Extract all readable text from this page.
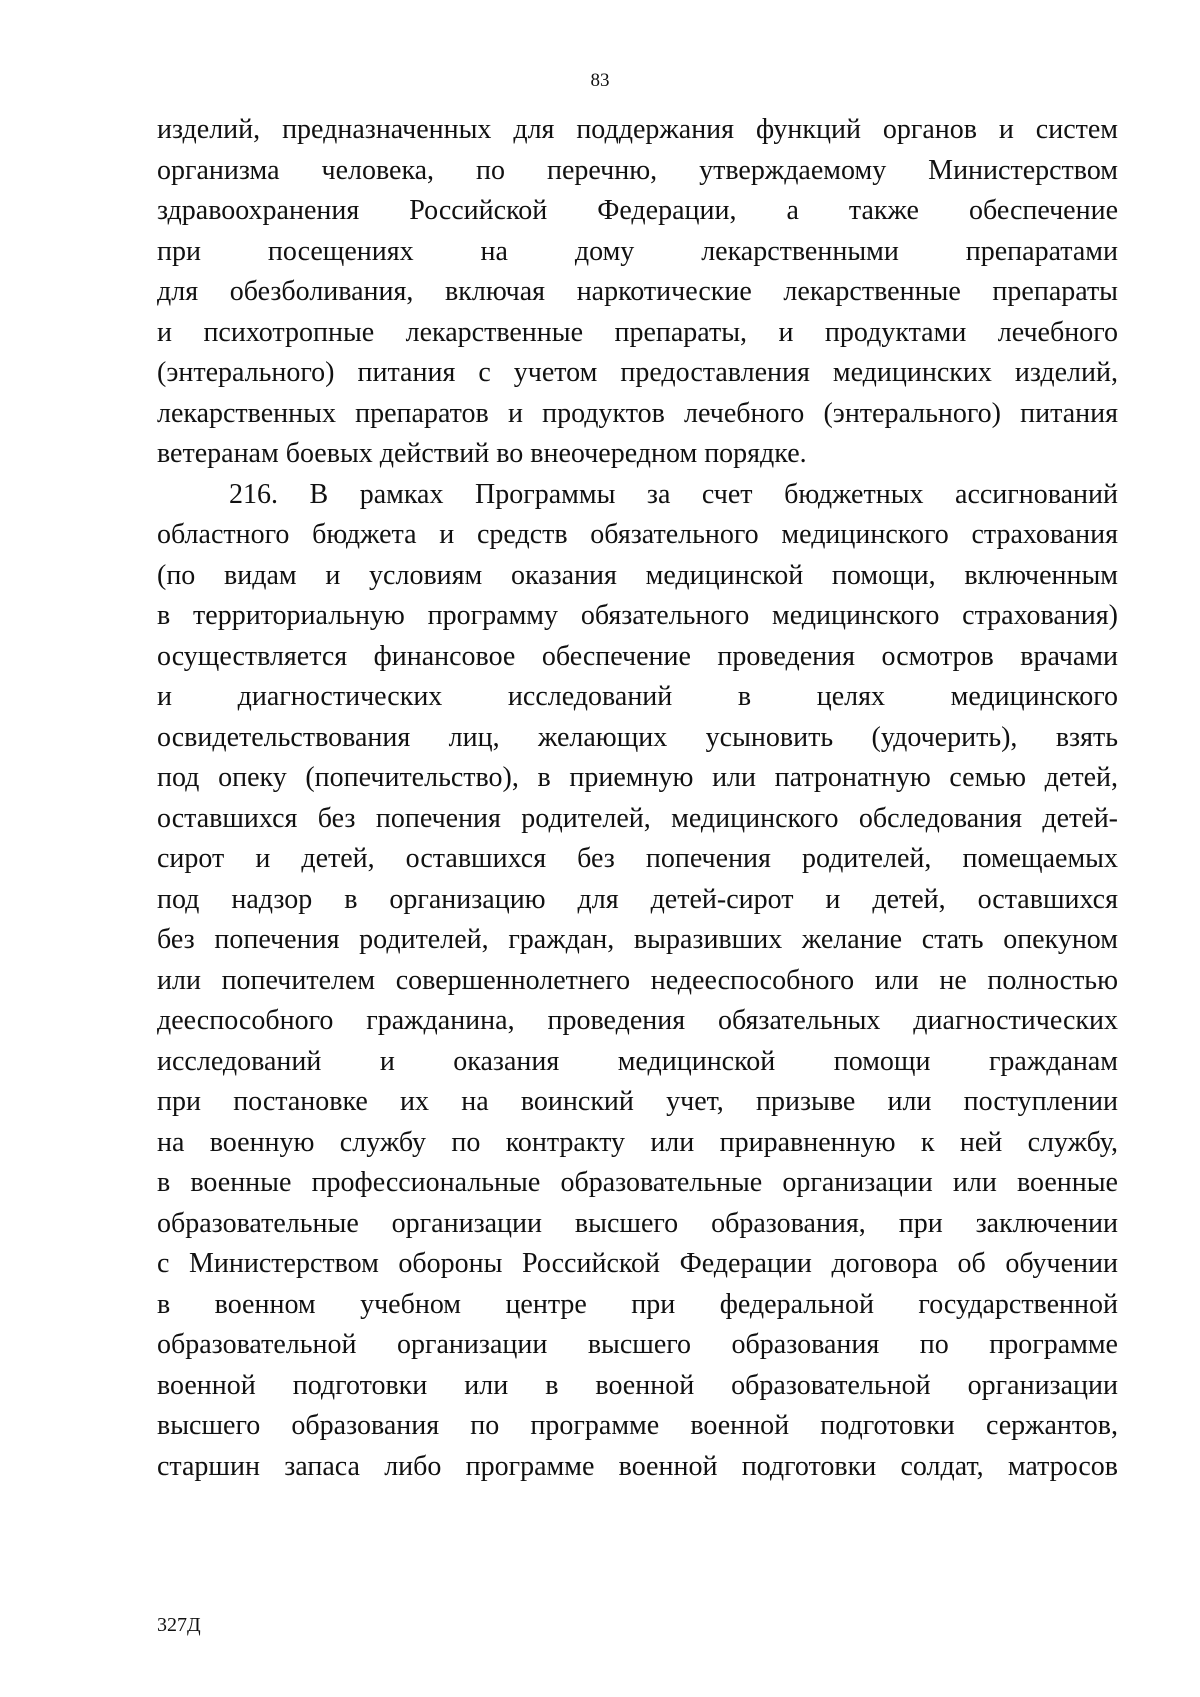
83
изделий, предназначенных для поддержания функций органов и систем
организма человека, по перечню, утверждаемому Министерством
здравоохранения Российской Федерации, а также обеспечение
при посещениях на дому лекарственными препаратами
для обезболивания, включая наркотические лекарственные препараты
и психотропные лекарственные препараты, и продуктами лечебного
(энтерального) питания с учетом предоставления медицинских изделий,
лекарственных препаратов и продуктов лечебного (энтерального) питания
ветеранам боевых действий во внеочередном порядке.
216. В рамках Программы за счет бюджетных ассигнований
областного бюджета и средств обязательного медицинского страхования
(по видам и условиям оказания медицинской помощи, включенным
в территориальную программу обязательного медицинского страхования)
осуществляется финансовое обеспечение проведения осмотров врачами
и диагностических исследований в целях медицинского
освидетельствования лиц, желающих усыновить (удочерить), взять
под опеку (попечительство), в приемную или патронатную семью детей,
оставшихся без попечения родителей, медицинского обследования детей-
сирот и детей, оставшихся без попечения родителей, помещаемых
под надзор в организацию для детей-сирот и детей, оставшихся
без попечения родителей, граждан, выразивших желание стать опекуном
или попечителем совершеннолетнего недееспособного или не полностью
дееспособного гражданина, проведения обязательных диагностических
исследований и оказания медицинской помощи гражданам
при постановке их на воинский учет, призыве или поступлении
на военную службу по контракту или приравненную к ней службу,
в военные профессиональные образовательные организации или военные
образовательные организации высшего образования, при заключении
с Министерством обороны Российской Федерации договора об обучении
в военном учебном центре при федеральной государственной
образовательной организации высшего образования по программе
военной подготовки или в военной образовательной организации
высшего образования по программе военной подготовки сержантов,
старшин запаса либо программе военной подготовки солдат, матросов
327Д
